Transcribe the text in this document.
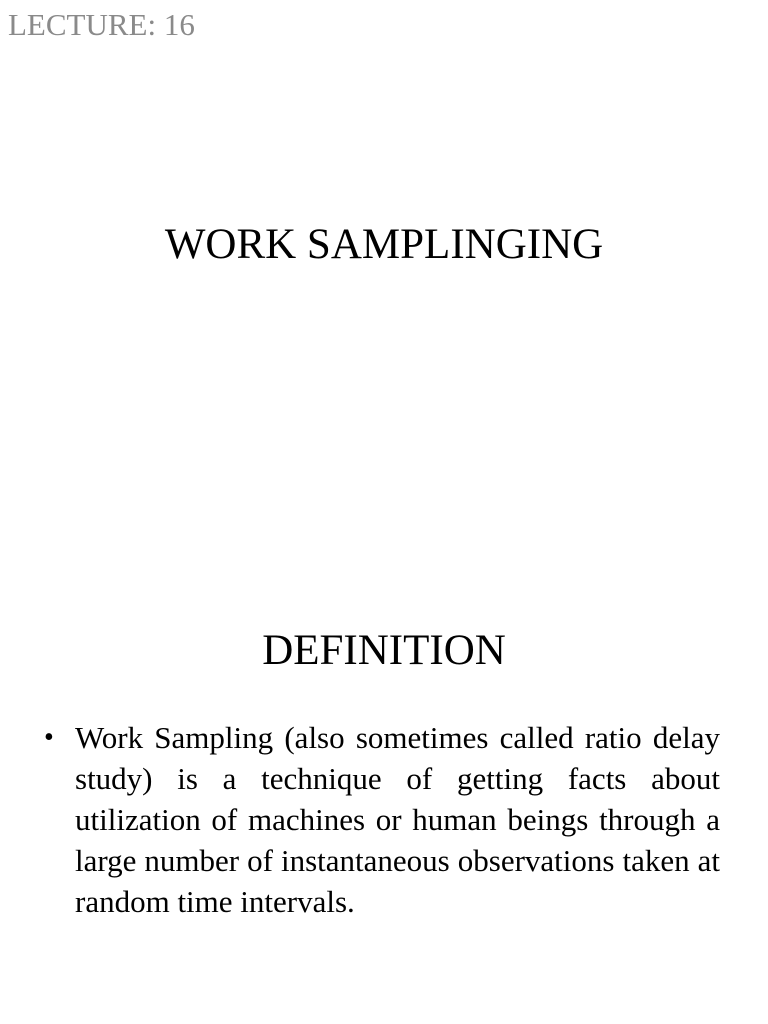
LECTURE: 16
WORK SAMPLINGING
DEFINITION
• Work Sampling (also sometimes called ratio delay study) is a technique of getting facts about utilization of machines or human beings through a large number of instantaneous observations taken at random time intervals.
